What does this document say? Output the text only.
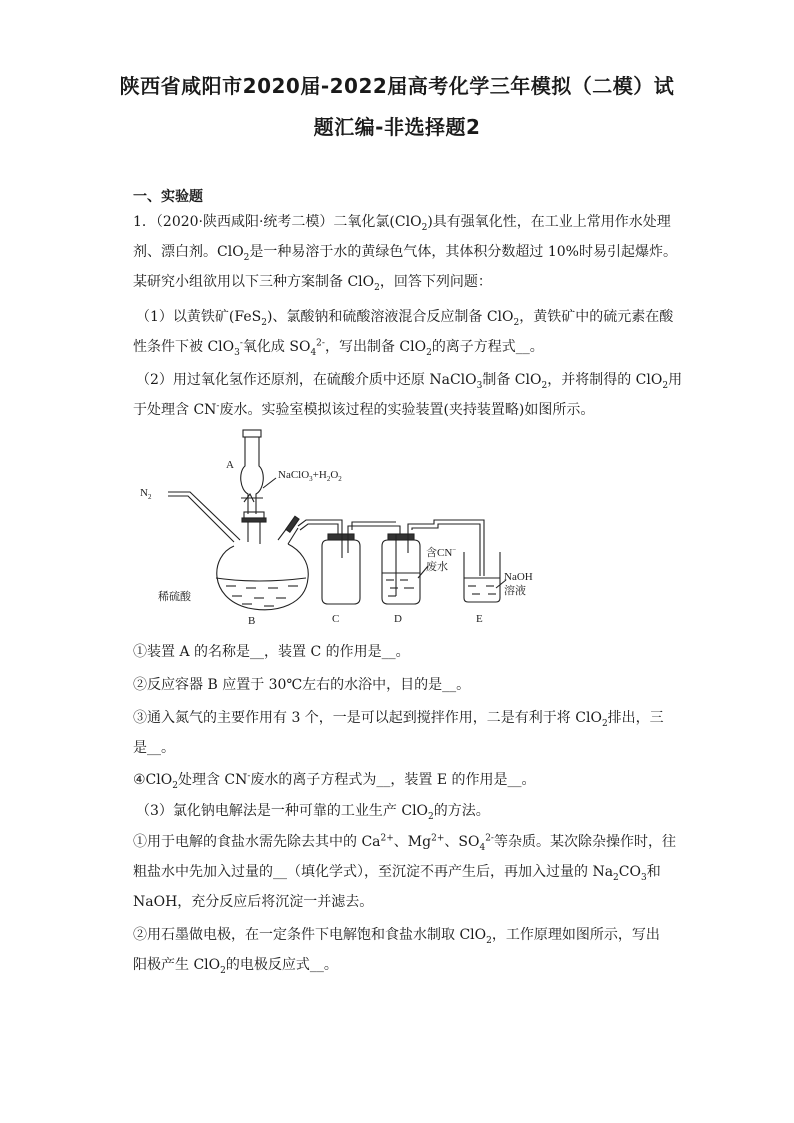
陕西省咸阳市2020届-2022届高考化学三年模拟（二模）试
题汇编-非选择题2
一、实验题
1．（2020·陕西咸阳·统考二模）二氧化氯(ClO$_2$)具有强氧化性，在工业上常用作水处理
剂、漂白剂。ClO$_2$是一种易溶于水的黄绿色气体，其体积分数超过 10%时易引起爆炸。
某研究小组欲用以下三种方案制备 ClO$_2$，回答下列问题：
（1）以黄铁矿(FeS$_2$)、氯酸钠和硫酸溶液混合反应制备 ClO$_2$，黄铁矿中的硫元素在酸
性条件下被 ClO$_3$-氧化成 $SO_4^{2-}$，写出制备 ClO$_2$的离子方程式__。
（2）用过氧化氢作还原剂，在硫酸介质中还原 NaClO$_3$制备 ClO$_2$，并将制得的 ClO$_2$用
于处理含 CN-废水。实验室模拟该过程的实验装置(夹持装置略)如图所示。
A
$NaClO_3+H_2O_2$
$N_2$
稀硫酸
B	C	D	E
含CN−
废水
NaOH
溶液
①装置 A 的名称是__，装置 C 的作用是__。
②反应容器 B 应置于 30℃左右的水浴中，目的是__。
③通入氮气的主要作用有 3 个，一是可以起到搅拌作用，二是有利于将 ClO$_2$排出，三
是__。
④ClO$_2$处理含 CN-废水的离子方程式为__，装置 E 的作用是__。
（3）氯化钠电解法是一种可靠的工业生产 ClO$_2$的方法。
①用于电解的食盐水需先除去其中的 $Ca^{2+}$、$Mg^{2+}$、$SO_4^{2-}$等杂质。某次除杂操作时，往
粗盐水中先加入过量的__（填化学式），至沉淀不再产生后，再加入过量的 $Na_2CO_3$和
NaOH，充分反应后将沉淀一并滤去。
②用石墨做电极，在一定条件下电解饱和食盐水制取 ClO$_2$，工作原理如图所示，写出
阳极产生 ClO$_2$的电极反应式__。
